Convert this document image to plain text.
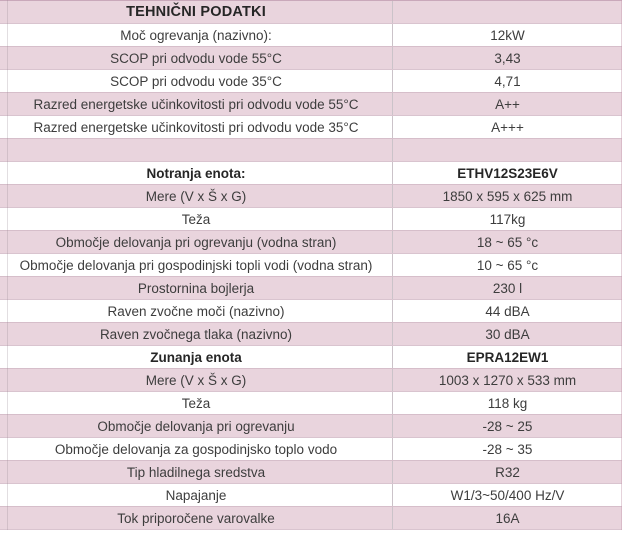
TEHNIČNI PODATKI
Moč ogrevanja (nazivno):	12kW
SCOP pri odvodu vode 55°C	3,43
SCOP pri odvodu vode 35°C	4,71
Razred energetske učinkovitosti pri odvodu vode 55°C	A++
Razred energetske učinkovitosti pri odvodu vode 35°C	A+++
Notranja enota:	ETHV12S23E6V
Mere (V x Š x G)	1850 x 595 x 625 mm
Teža	117kg
Območje delovanja pri ogrevanju (vodna stran)	18 ~ 65 °c
Območje delovanja pri gospodinjski topli vodi (vodna stran)	10 ~ 65 °c
Prostornina bojlerja	230 l
Raven zvočne moči (nazivno)	44 dBA
Raven zvočnega tlaka (nazivno)	30 dBA
Zunanja enota	EPRA12EW1
Mere (V x Š x G)	1003 x 1270 x 533 mm
Teža	118 kg
Območje delovanja pri ogrevanju	-28 ~ 25
Območje delovanja za gospodinjsko toplo vodo	-28 ~ 35
Tip hladilnega sredstva	R32
Napajanje	W1/3~50/400 Hz/V
Tok priporočene varovalke	16A
